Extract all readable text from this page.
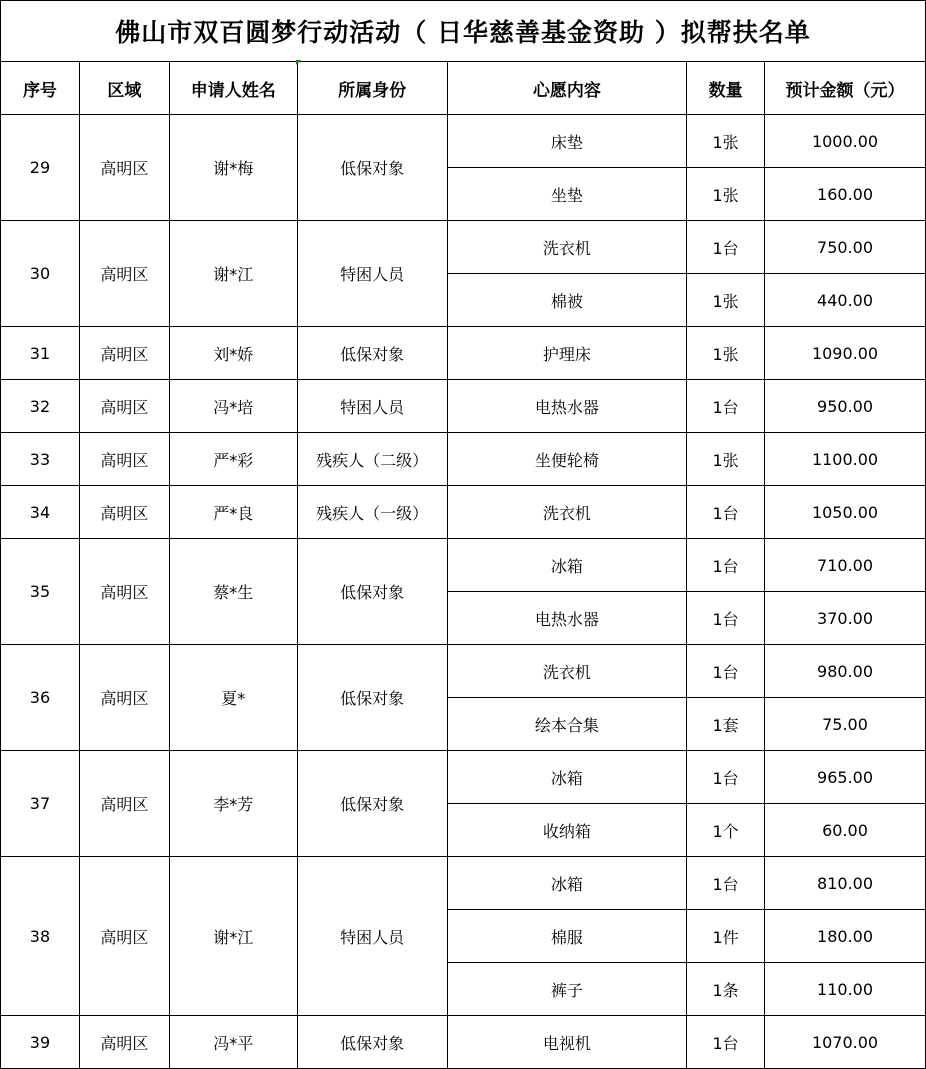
佛山市双百圆梦行动活动（ 日华慈善基金资助 ）拟帮扶名单						
序号	区域	申请人姓名	所属身份	心愿内容	数量	预计金额（元）
29	高明区	谢*梅	低保对象	床垫	1张	1000.00
				坐垫	1张	160.00
30	高明区	谢*江	特困人员	洗衣机	1台	750.00
				棉被	1张	440.00
31	高明区	刘*娇	低保对象	护理床	1张	1090.00
32	高明区	冯*培	特困人员	电热水器	1台	950.00
33	高明区	严*彩	残疾人（二级）	坐便轮椅	1张	1100.00
34	高明区	严*良	残疾人（一级）	洗衣机	1台	1050.00
35	高明区	蔡*生	低保对象	冰箱	1台	710.00
				电热水器	1台	370.00
36	高明区	夏*	低保对象	洗衣机	1台	980.00
				绘本合集	1套	75.00
37	高明区	李*芳	低保对象	冰箱	1台	965.00
				收纳箱	1个	60.00
38	高明区	谢*江	特困人员	冰箱	1台	810.00
				棉服	1件	180.00
				裤子	1条	110.00
39	高明区	冯*平	低保对象	电视机	1台	1070.00
